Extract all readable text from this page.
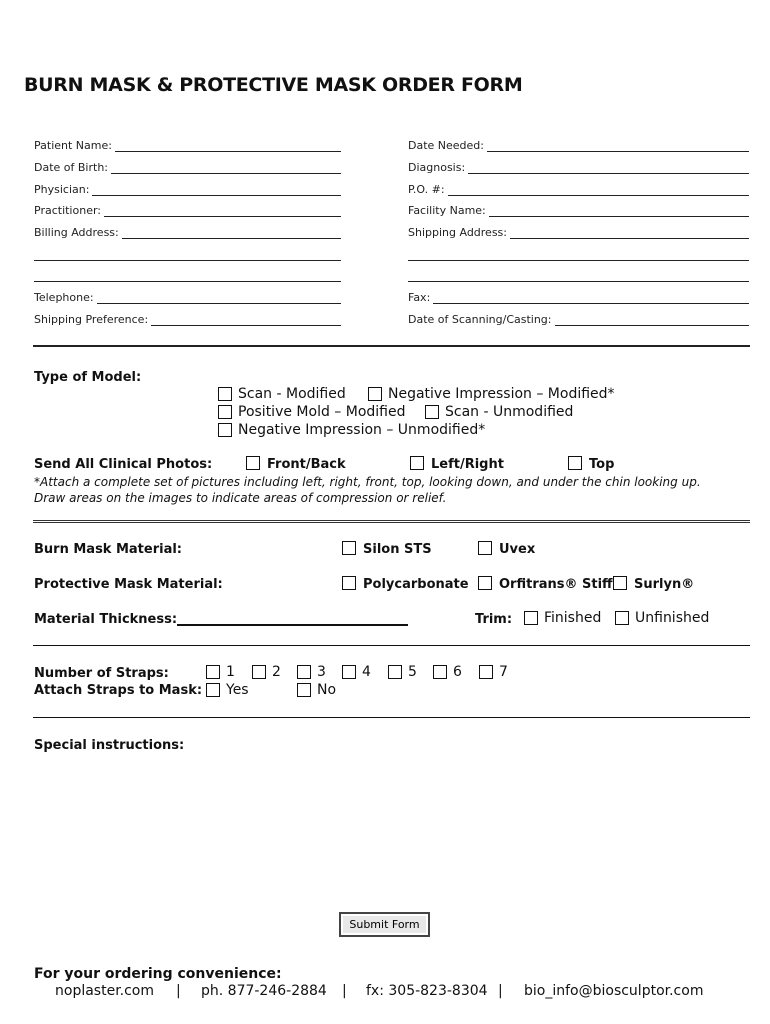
BURN MASK & PROTECTIVE MASK ORDER FORM
Patient Name:
Date of Birth:
Physician:
Practitioner:
Billing Address:
Telephone:
Shipping Preference:
Date Needed:
Diagnosis:
P.O. #:
Facility Name:
Shipping Address:
Fax:
Date of Scanning/Casting:
Type of Model:
Scan - Modified	Negative Impression – Modified*
Positive Mold – Modified	Scan - Unmodified
Negative Impression – Unmodified*
Send All Clinical Photos:	Front/Back	Left/Right	Top
*Attach a complete set of pictures including left, right, front, top, looking down, and under the chin looking up. Draw areas on the images to indicate areas of compression or relief.
Burn Mask Material:	Silon STS	Uvex
Protective Mask Material:	Polycarbonate Orfitrans® Stiff Surlyn®
Material Thickness:	Trim: Finished Unfinished
Number of Straps:	1	2	3	4	5	6	7
Attach Straps to Mask: Yes	No
Special instructions:
Submit Form
For your ordering convenience:
noplaster.com | ph. 877-246-2884 | fx: 305-823-8304 | bio_info@biosculptor.com
